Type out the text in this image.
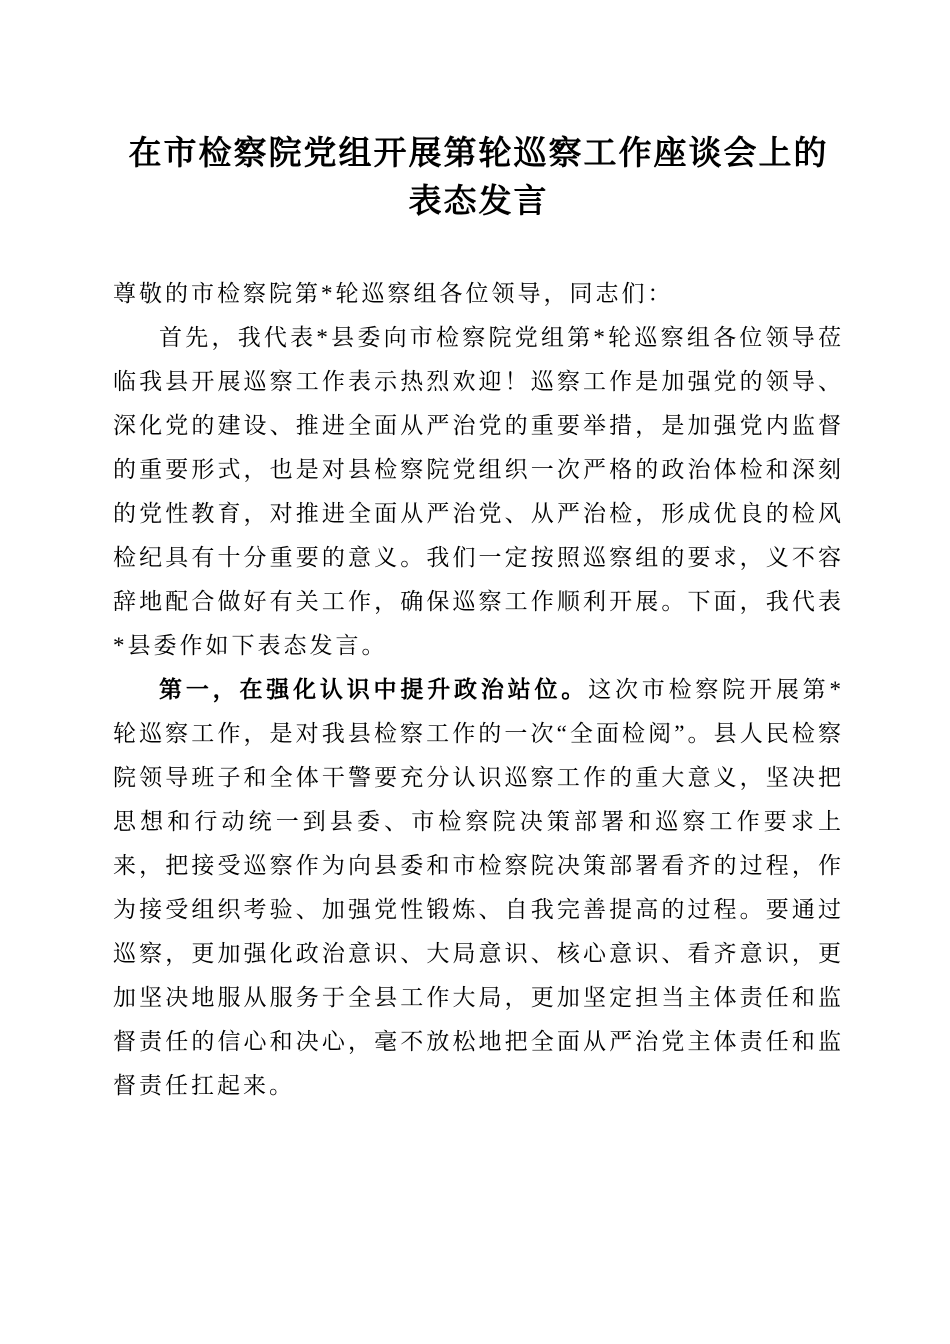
在市检察院党组开展第轮巡察工作座谈会上的
表态发言

尊敬的市检察院第*轮巡察组各位领导，同志们：

首先，我代表*县委向市检察院党组第*轮巡察组各位领导莅临我县开展巡察工作表示热烈欢迎！巡察工作是加强党的领导、深化党的建设、推进全面从严治党的重要举措，是加强党内监督的重要形式，也是对县检察院党组织一次严格的政治体检和深刻的党性教育，对推进全面从严治党、从严治检，形成优良的检风检纪具有十分重要的意义。我们一定按照巡察组的要求，义不容辞地配合做好有关工作，确保巡察工作顺利开展。下面，我代表*县委作如下表态发言。

第一，在强化认识中提升政治站位。这次市检察院开展第*轮巡察工作，是对我县检察工作的一次“全面检阅”。县人民检察院领导班子和全体干警要充分认识巡察工作的重大意义，坚决把思想和行动统一到县委、市检察院决策部署和巡察工作要求上来，把接受巡察作为向县委和市检察院决策部署看齐的过程，作为接受组织考验、加强党性锻炼、自我完善提高的过程。要通过巡察，更加强化政治意识、大局意识、核心意识、看齐意识，更加坚决地服从服务于全县工作大局，更加坚定担当主体责任和监督责任的信心和决心，毫不放松地把全面从严治党主体责任和监督责任扛起来。
